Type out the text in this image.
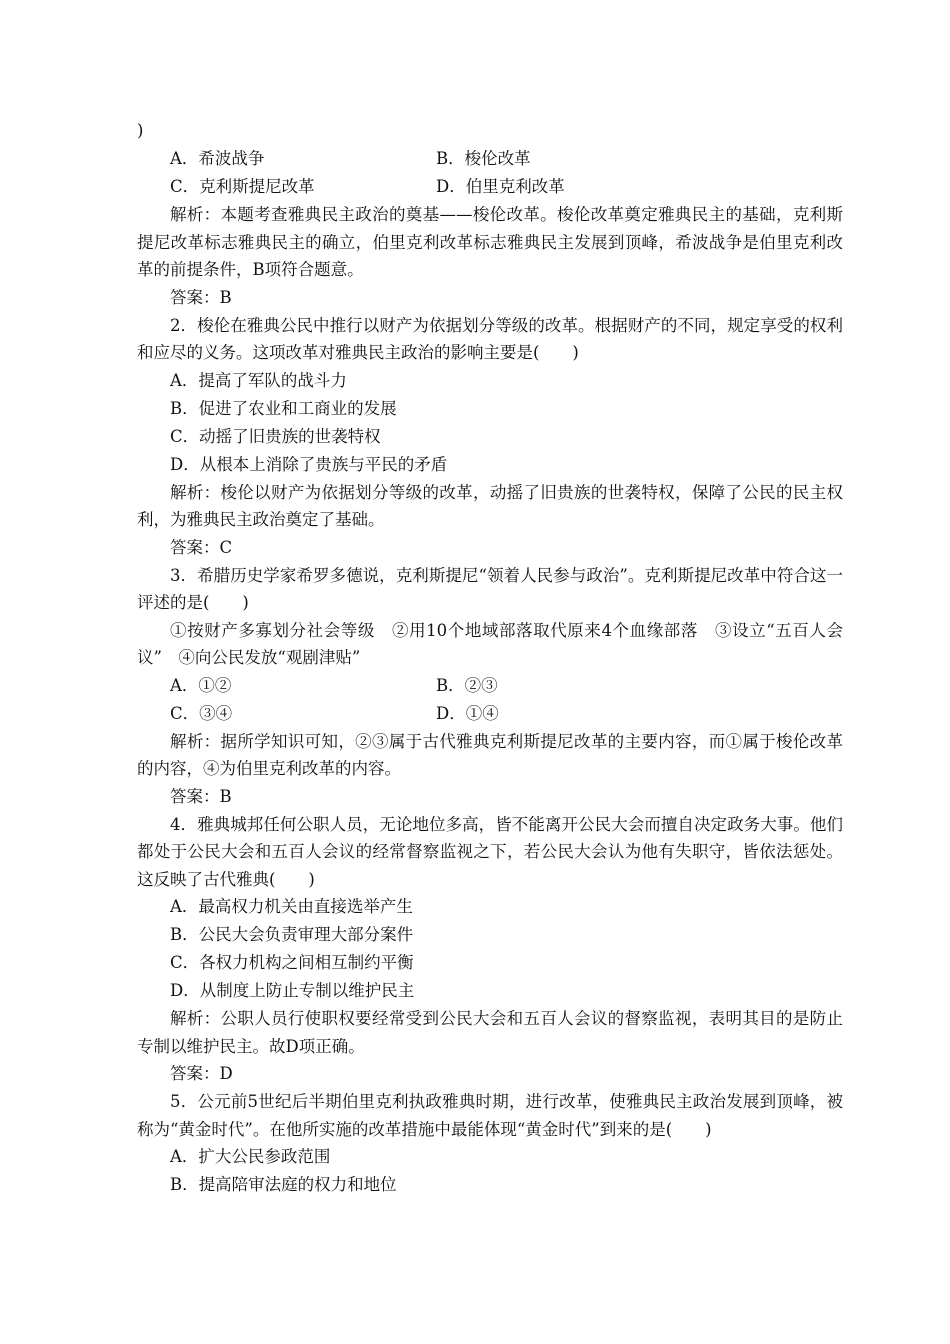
)
A．希波战争	B．梭伦改革
C．克利斯提尼改革	D．伯里克利改革

解析：本题考查雅典民主政治的奠基——梭伦改革。梭伦改革奠定雅典民主的基础，克利斯提尼改革标志雅典民主的确立，伯里克利改革标志雅典民主发展到顶峰，希波战争是伯里克利改革的前提条件，B项符合题意。

答案：B

2．梭伦在雅典公民中推行以财产为依据划分等级的改革。根据财产的不同，规定享受的权利和应尽的义务。这项改革对雅典民主政治的影响主要是(　　)

A．提高了军队的战斗力
B．促进了农业和工商业的发展
C．动摇了旧贵族的世袭特权
D．从根本上消除了贵族与平民的矛盾

解析：梭伦以财产为依据划分等级的改革，动摇了旧贵族的世袭特权，保障了公民的民主权利，为雅典民主政治奠定了基础。

答案：C

3．希腊历史学家希罗多德说，克利斯提尼“领着人民参与政治”。克利斯提尼改革中符合这一评述的是(　　)

①按财产多寡划分社会等级　②用10个地域部落取代原来4个血缘部落　③设立“五百人会议”　④向公民发放“观剧津贴”

A．①②	B．②③
C．③④	D．①④

解析：据所学知识可知，②③属于古代雅典克利斯提尼改革的主要内容，而①属于梭伦改革的内容，④为伯里克利改革的内容。

答案：B

4．雅典城邦任何公职人员，无论地位多高，皆不能离开公民大会而擅自决定政务大事。他们都处于公民大会和五百人会议的经常督察监视之下，若公民大会认为他有失职守，皆依法惩处。这反映了古代雅典(　　)

A．最高权力机关由直接选举产生
B．公民大会负责审理大部分案件
C．各权力机构之间相互制约平衡
D．从制度上防止专制以维护民主

解析：公职人员行使职权要经常受到公民大会和五百人会议的督察监视，表明其目的是防止专制以维护民主。故D项正确。

答案：D

5．公元前5世纪后半期伯里克利执政雅典时期，进行改革，使雅典民主政治发展到顶峰，被称为“黄金时代”。在他所实施的改革措施中最能体现“黄金时代”到来的是(　　)

A．扩大公民参政范围
B．提高陪审法庭的权力和地位
